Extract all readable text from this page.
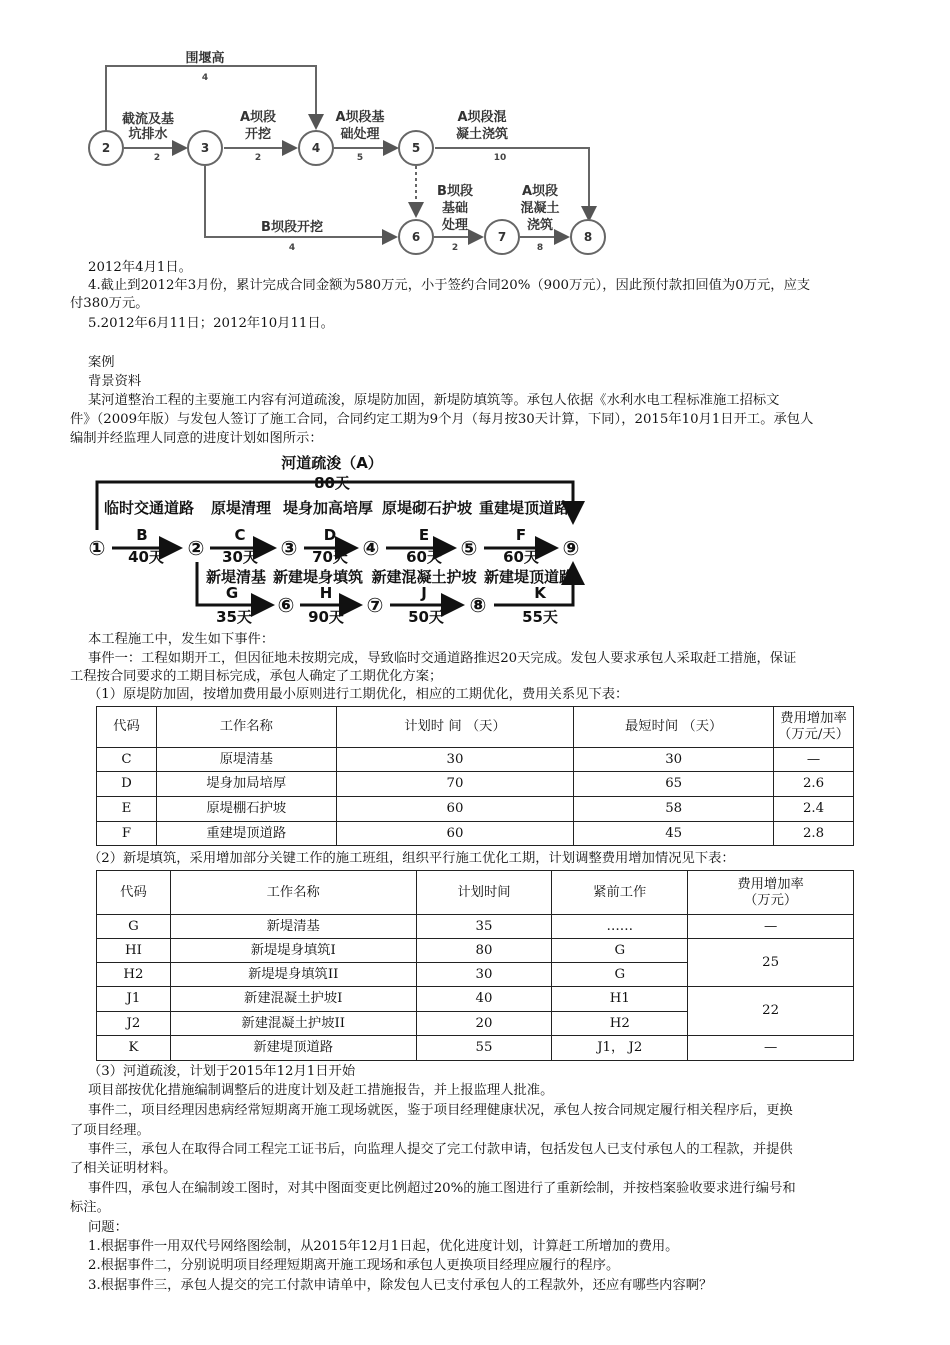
2	3	4	5
6	7	8
围堰高
截流及基
坑排水
A坝段
开挖
A坝段基
础处理
A坝段混
凝土浇筑
B坝段开挖
B坝段
基础
处理
A坝段
混凝土
浇筑
4
2	2	5	10
4	2	8
2012年4月1日。
4.截止到2012年3月份，累计完成合同金额为580万元，小于签约合同20%（900万元），因此预付款扣回值为0万元，应支
付380万元。
5.2012年6月11日；2012年10月11日。
案例
背景资料
某河道整治工程的主要施工内容有河道疏浚，原堤防加固，新堤防填筑等。承包人依据《水利水电工程标准施工招标文
件》（2009年版）与发包人签订了施工合同，合同约定工期为9个月（每月按30天计算，下同），2015年10月1日开工。承包人
编制并经监理人同意的进度计划如图所示：
①	②	③	④	⑤	⑨
⑥	⑦	⑧
河道疏浚（A）
80天
临时交通道路 原堤清理 堤身加高培厚 原堤砌石护坡 重建堤顶道路
B	C	D	E	F
40天	30天	70天	60天	60天
新堤清基 新建堤身填筑 新建混凝土护坡 新建堤顶道路
G	H	J	K
35天	90天	50天	55天
本工程施工中，发生如下事件：
事件一：工程如期开工，但因征地未按期完成，导致临时交通道路推迟20天完成。发包人要求承包人采取赶工措施，保证
工程按合同要求的工期目标完成，承包人确定了工期优化方案；
（1）原堤防加固，按增加费用最小原则进行工期优化，相应的工期优化，费用关系见下表：
代码	工作名称	计划时 间 （天）	最短时间 （天）	费用增加率
（万元/天）
C	原堤清基	30	30	—
D	堤身加局培厚	70	65	2.6
E	原堤棚石护坡	60	58	2.4
F	重建堤顶道路	60	45	2.8
（2）新堤填筑，采用增加部分关键工作的施工班组，组织平行施工优化工期，计划调整费用增加情况见下表：
代码	工作名称	计划时间	紧前工作	费用增加率
（万元）
G	新堤清基	35	……	—
HI	新堤堤身填筑I	80	G	25
H2	新堤堤身填筑II	30	G	
J1	新建混凝土护坡I	40	H1	22
J2	新建混凝土护坡II	20	H2	
K	新建堤顶道路	55	J1， J2	—
（3）河道疏浚，计划于2015年12月1日开始
项目部按优化措施编制调整后的进度计划及赶工措施报告，并上报监理人批准。
事件二，项目经理因患病经常短期离开施工现场就医，鉴于项目经理健康状况，承包人按合同规定履行相关程序后，更换
了项目经理。
事件三，承包人在取得合同工程完工证书后，向监理人提交了完工付款申请，包括发包人已支付承包人的工程款，并提供
了相关证明材料。
事件四，承包人在编制竣工图时，对其中图面变更比例超过20%的施工图进行了重新绘制，并按档案验收要求进行编号和
标注。
问题：
1.根据事件一用双代号网络图绘制，从2015年12月1日起，优化进度计划，计算赶工所增加的费用。
2.根据事件二，分别说明项目经理短期离开施工现场和承包人更换项目经理应履行的程序。
3.根据事件三，承包人提交的完工付款申请单中，除发包人已支付承包人的工程款外，还应有哪些内容啊？
